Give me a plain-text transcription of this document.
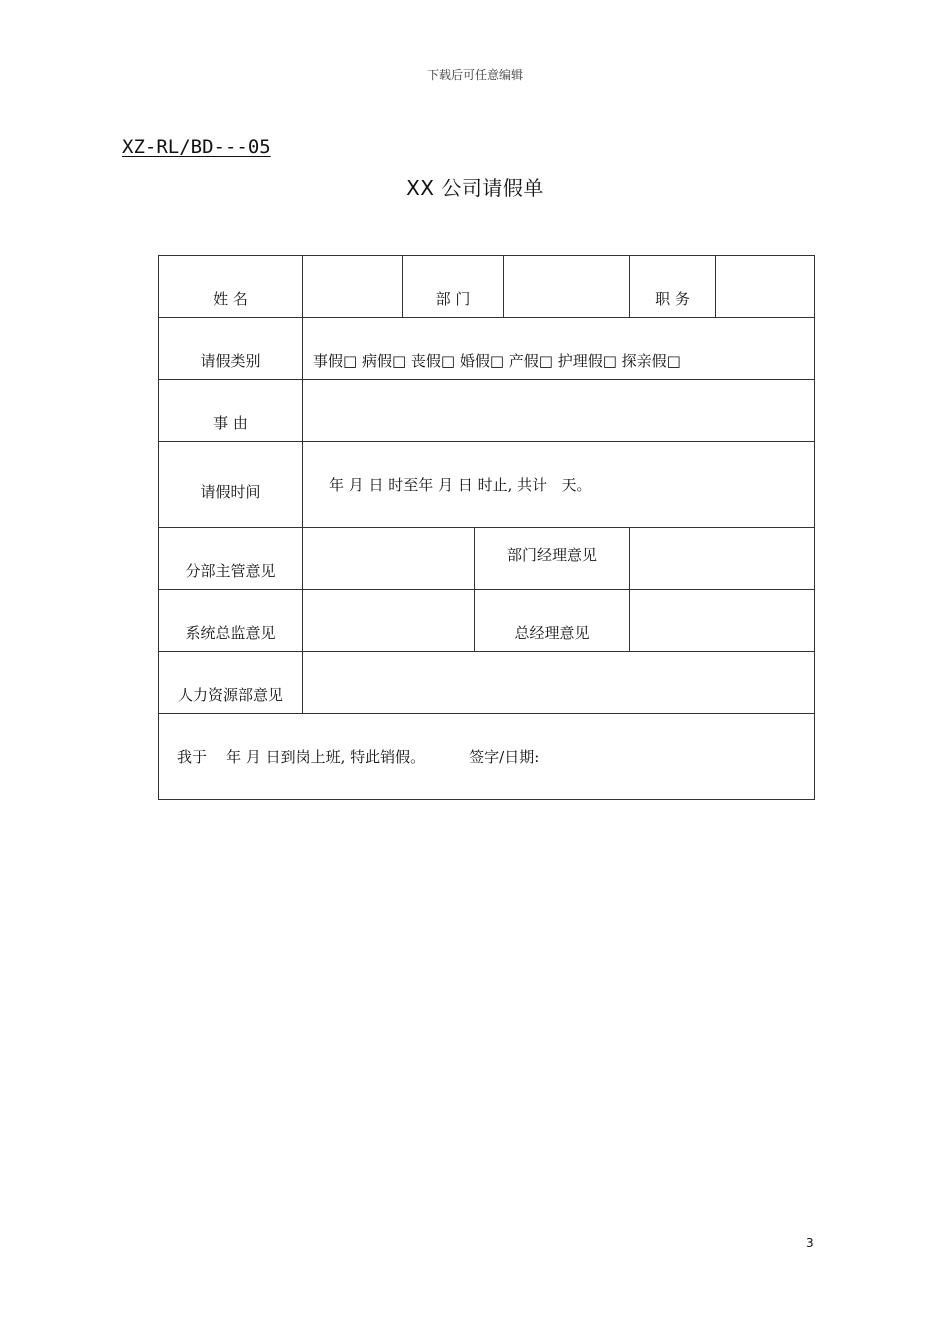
下载后可任意编辑
XZ-RL/BD---05
XX 公司请假单
姓 名		部 门			职 务	
请假类别	事假□ 病假□ 丧假□ 婚假□ 产假□ 护理假□ 探亲假□					
事 由						
请假时间	年 月 日 时至年 月 日 时止, 共计   天。					
分部主管意见			部门经理意见			
系统总监意见			总经理意见			
人力资源部意见						
我于    年 月 日到岗上班, 特此销假。 签字/日期:						
3
